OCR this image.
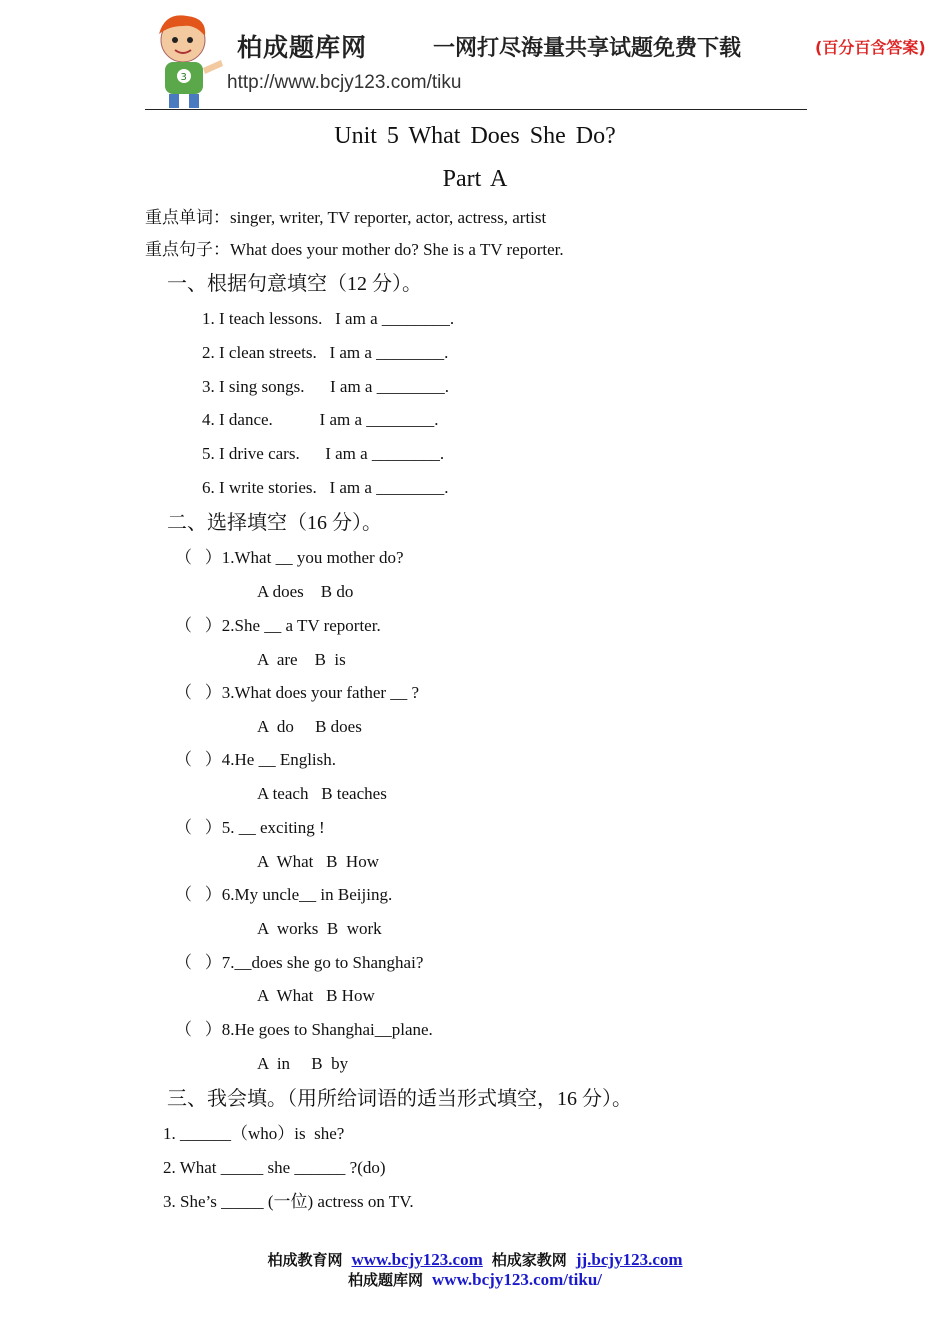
3
柏成题库网	一网打尽海量共享试题免费下载	(百分百含答案)
http://www.bcjy123.com/tiku
Unit 5 What Does She Do?
Part A
重点单词：singer, writer, TV reporter, actor, actress, artist
重点句子：What does your mother do? She is a TV reporter.
一、根据句意填空（12 分）。
1. I teach lessons.   I am a ________.
2. I clean streets.   I am a ________.
3. I sing songs.      I am a ________.
4. I dance.           I am a ________.
5. I drive cars.      I am a ________.
6. I write stories.   I am a ________.
二、选择填空（16 分）。
（   ）1.What __ you mother do?
A does    B do
（   ）2.She __ a TV reporter.
A  are    B  is
（   ）3.What does your father __ ?
A  do     B does
（   ）4.He __ English.
A teach   B teaches
（   ）5. __ exciting !
A  What   B  How
（   ）6.My uncle__ in Beijing.
A  works  B  work
（   ）7.__does she go to Shanghai?
A  What   B How
（   ）8.He goes to Shanghai__plane.
A  in     B  by
三、我会填。（用所给词语的适当形式填空，16 分）。
1. ______（who）is  she?
2. What _____ she ______ ?(do)
3. She’s _____ (一位) actress on TV.
柏成教育网 www.bcjy123.com 柏成家教网 jj.bcjy123.com
柏成题库网 www.bcjy123.com/tiku/
